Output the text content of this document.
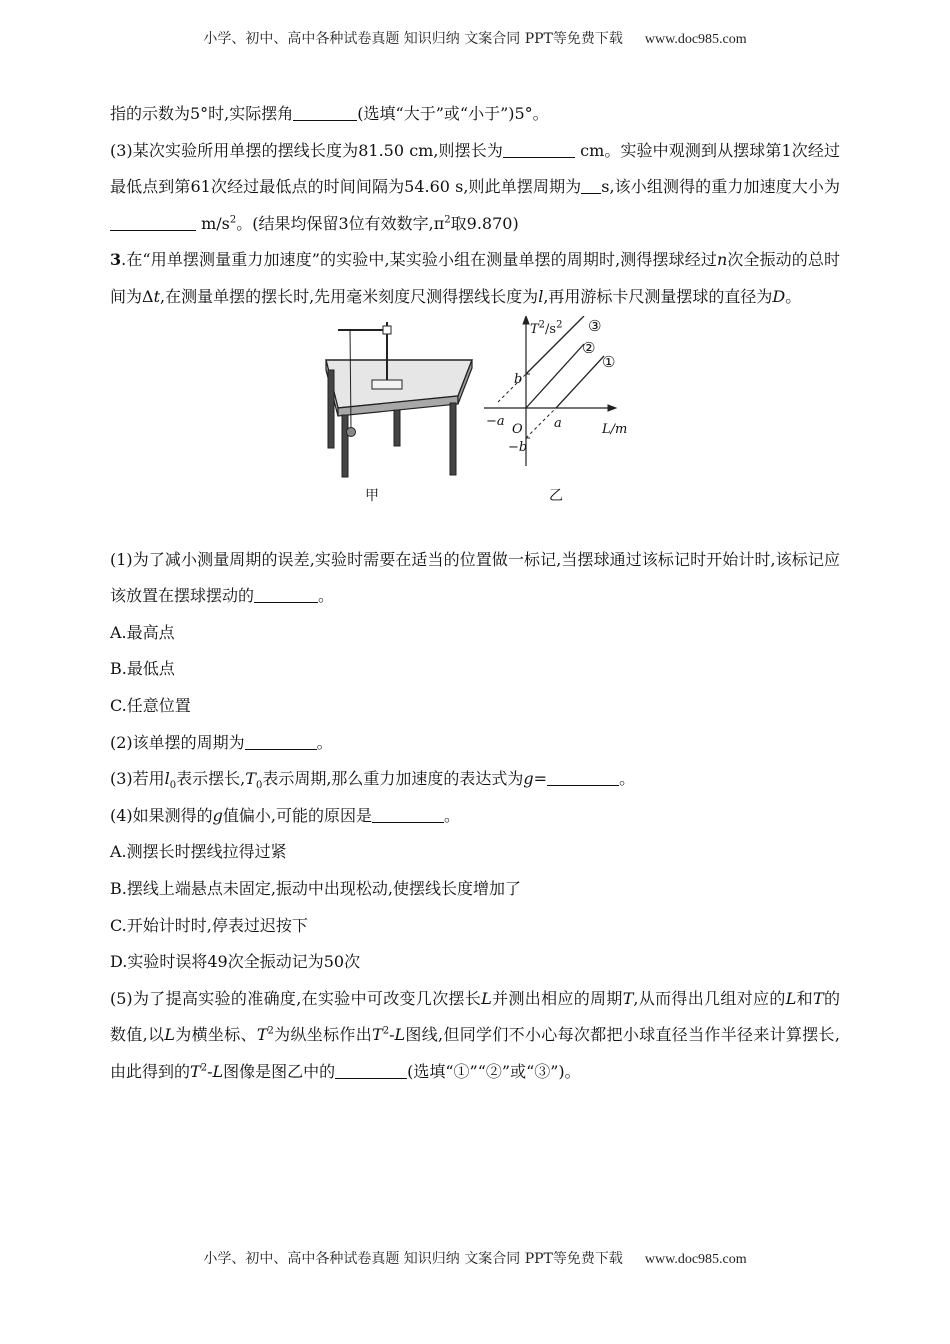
小学、初中、高中各种试卷真题 知识归纳 文案合同 PPT等免费下载 www.doc985.com

指的示数为5°时,实际摆角	(选填“大于”或“小于”)5°。

(3)某次实验所用单摆的摆线长度为81.50 cm,则摆长为	cm。实验中观测到从摆球第1次经过最低点到第61次经过最低点的时间间隔为54.60 s,则此单摆周期为 s,该小组测得的重力加速度大小为 $m/s^2$。(结果均保留3位有效数字$,\pi^2$取9.870)

3.在“用单摆测量重力加速度”的实验中,某实验小组在测量单摆的周期时,测得摆球经过n次全振动的总时间为Δt,在测量单摆的摆长时,先用毫米刻度尺测得摆线长度为l,再用游标卡尺测量摆球的直径为D。

$T^2/s^2$ ③
②
①
b
−b
−a	a
O	L/m
甲	乙

(1)为了减小测量周期的误差,实验时需要在适当的位置做一标记,当摆球通过该标记时开始计时,该标记应该放置在摆球摆动的	。

A.最高点

B.最低点

C.任意位置

(2)该单摆的周期为	。

(3)若用$l_0$表示摆长$,T_0$表示周期,那么重力加速度的表达式为g=	。

(4)如果测得的g值偏小,可能的原因是	。

A.测摆长时摆线拉得过紧

B.摆线上端悬点未固定,振动中出现松动,使摆线长度增加了

C.开始计时时,停表过迟按下

D.实验时误将49次全振动记为50次

(5)为了提高实验的准确度,在实验中可改变几次摆长L并测出相应的周期T,从而得出几组对应的L和T的数值,以L为横坐标、$T^2$为纵坐标作出$T^2-L$图线,但同学们不小心每次都把小球直径当作半径来计算摆长,由此得到的$T^2-L$图像是图乙中的	(选填“①”“②”或“③”)。

小学、初中、高中各种试卷真题 知识归纳 文案合同 PPT等免费下载 www.doc985.com
